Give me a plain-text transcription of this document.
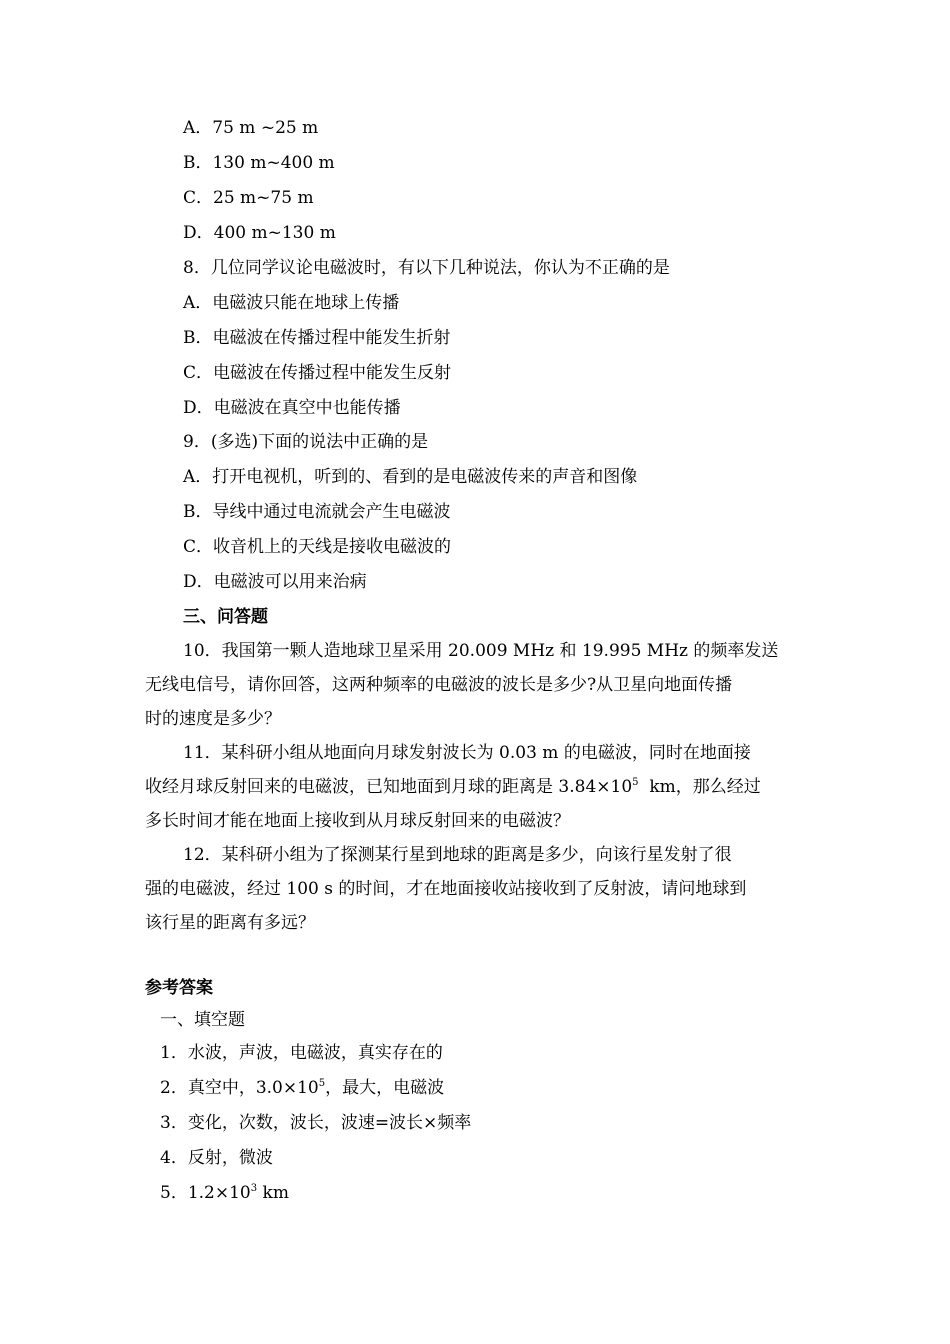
A．75 m ~25 m
B．130 m~400 m
C．25 m~75 m
D．400 m~130 m
8．几位同学议论电磁波时，有以下几种说法，你认为不正确的是
A．电磁波只能在地球上传播
B．电磁波在传播过程中能发生折射
C．电磁波在传播过程中能发生反射
D．电磁波在真空中也能传播
9．(多选)下面的说法中正确的是
A．打开电视机，听到的、看到的是电磁波传来的声音和图像
B．导线中通过电流就会产生电磁波
C．收音机上的天线是接收电磁波的
D．电磁波可以用来治病
三、问答题
10．我国第一颗人造地球卫星采用 20.009 MHz 和 19.995 MHz 的频率发送
无线电信号，请你回答，这两种频率的电磁波的波长是多少?从卫星向地面传播
时的速度是多少？
11．某科研小组从地面向月球发射波长为 0.03 m 的电磁波，同时在地面接
收经月球反射回来的电磁波，已知地面到月球的距离是 $3.84\times 10^5$  km，那么经过
多长时间才能在地面上接收到从月球反射回来的电磁波？
12．某科研小组为了探测某行星到地球的距离是多少，向该行星发射了很
强的电磁波，经过 100 s 的时间，才在地面接收站接收到了反射波，请问地球到
该行星的距离有多远？
参考答案
一、填空题
1．水波，声波，电磁波，真实存在的
2．真空中，$3.0\times 10^5$，最大，电磁波
3．变化，次数，波长，波速=波长×频率
4．反射，微波
5．$1.2\times 10^3$ km
